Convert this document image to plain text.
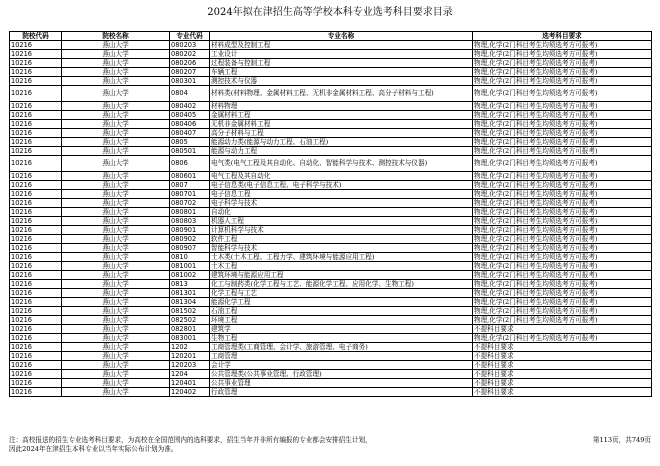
2024年拟在津招生高等学校本科专业选考科目要求目录
院校代码	院校名称	专业代码	专业名称	选考科目要求
10216	燕山大学	080203	材料成型及控制工程	物理,化学(2门科目考生均须选考方可报考)
10216	燕山大学	080202	工业设计	物理,化学(2门科目考生均须选考方可报考)
10216	燕山大学	080206	过程装备与控制工程	物理,化学(2门科目考生均须选考方可报考)
10216	燕山大学	080207	车辆工程	物理,化学(2门科目考生均须选考方可报考)
10216	燕山大学	080301	测控技术与仪器	物理,化学(2门科目考生均须选考方可报考)
10216	燕山大学	0804	材料类(材料物理、金属材料工程、无机非金属材料工程、高分子材料与工程)	物理,化学(2门科目考生均须选考方可报考)
10216	燕山大学	080402	材料物理	物理,化学(2门科目考生均须选考方可报考)
10216	燕山大学	080405	金属材料工程	物理,化学(2门科目考生均须选考方可报考)
10216	燕山大学	080406	无机非金属材料工程	物理,化学(2门科目考生均须选考方可报考)
10216	燕山大学	080407	高分子材料与工程	物理,化学(2门科目考生均须选考方可报考)
10216	燕山大学	0805	能源动力类(能源与动力工程、石油工程)	物理,化学(2门科目考生均须选考方可报考)
10216	燕山大学	080501	能源与动力工程	物理,化学(2门科目考生均须选考方可报考)
10216	燕山大学	0806	电气类(电气工程及其自动化、自动化、智能科学与技术、测控技术与仪器)	物理,化学(2门科目考生均须选考方可报考)
10216	燕山大学	080601	电气工程及其自动化	物理,化学(2门科目考生均须选考方可报考)
10216	燕山大学	0807	电子信息类(电子信息工程、电子科学与技术)	物理,化学(2门科目考生均须选考方可报考)
10216	燕山大学	080701	电子信息工程	物理,化学(2门科目考生均须选考方可报考)
10216	燕山大学	080702	电子科学与技术	物理,化学(2门科目考生均须选考方可报考)
10216	燕山大学	080801	自动化	物理,化学(2门科目考生均须选考方可报考)
10216	燕山大学	080803	机器人工程	物理,化学(2门科目考生均须选考方可报考)
10216	燕山大学	080901	计算机科学与技术	物理,化学(2门科目考生均须选考方可报考)
10216	燕山大学	080902	软件工程	物理,化学(2门科目考生均须选考方可报考)
10216	燕山大学	080907	智能科学与技术	物理,化学(2门科目考生均须选考方可报考)
10216	燕山大学	0810	土木类(土木工程、工程力学、建筑环境与能源应用工程)	物理,化学(2门科目考生均须选考方可报考)
10216	燕山大学	081001	土木工程	物理,化学(2门科目考生均须选考方可报考)
10216	燕山大学	081002	建筑环境与能源应用工程	物理,化学(2门科目考生均须选考方可报考)
10216	燕山大学	0813	化工与制药类(化学工程与工艺、能源化学工程、应用化学、生物工程)	物理,化学(2门科目考生均须选考方可报考)
10216	燕山大学	081301	化学工程与工艺	物理,化学(2门科目考生均须选考方可报考)
10216	燕山大学	081304	能源化学工程	物理,化学(2门科目考生均须选考方可报考)
10216	燕山大学	081502	石油工程	物理,化学(2门科目考生均须选考方可报考)
10216	燕山大学	082502	环境工程	物理,化学(2门科目考生均须选考方可报考)
10216	燕山大学	082801	建筑学	不提科目要求
10216	燕山大学	083001	生物工程	物理,化学(2门科目考生均须选考方可报考)
10216	燕山大学	1202	工商管理类(工商管理、会计学、旅游管理、电子商务)	不提科目要求
10216	燕山大学	120201	工商管理	不提科目要求
10216	燕山大学	120203	会计学	不提科目要求
10216	燕山大学	1204	公共管理类(公共事业管理、行政管理)	不提科目要求
10216	燕山大学	120401	公共事业管理	不提科目要求
10216	燕山大学	120402	行政管理	不提科目要求
注：高校报送的招生专业选考科目要求，为高校在全国范围内的选科要求，招生当年并非所有编报的专业都会安排招生计划，
因此2024年在津招生本科专业以当年实际公布计划为准。
第113页，共749页
